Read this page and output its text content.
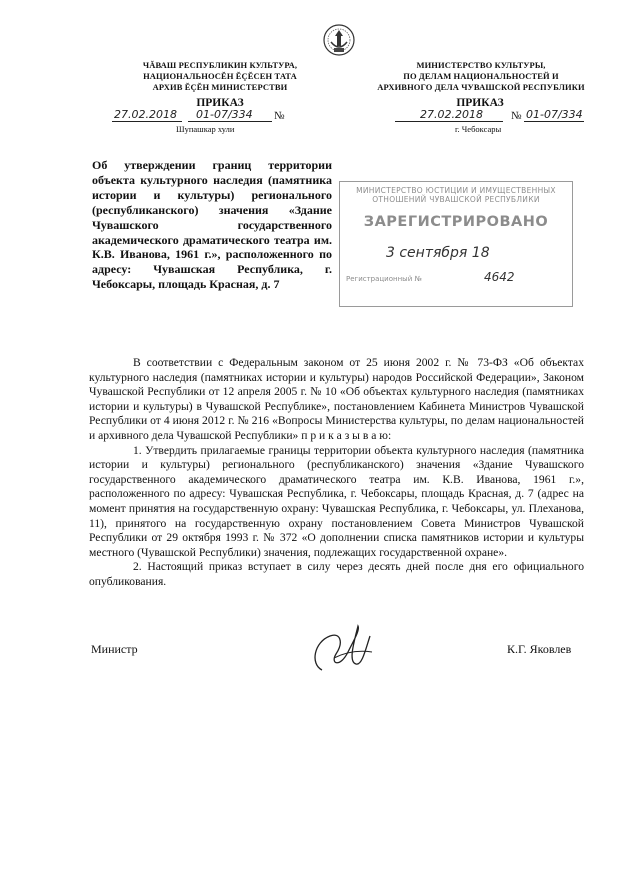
ЧĂВАШ РЕСПУБЛИКИН КУЛЬТУРА,
НАЦИОНАЛЬНОСĔН ĔÇĔСЕН ТАТА
АРХИВ ĔÇĔН МИНИСТЕРСТВИ
МИНИСТЕРСТВО КУЛЬТУРЫ,
ПО ДЕЛАМ НАЦИОНАЛЬНОСТЕЙ И
АРХИВНОГО ДЕЛА ЧУВАШСКОЙ РЕСПУБЛИКИ
ПРИКАЗ	ПРИКАЗ
27.02.2018 01-07/334 №
Шупашкар хули
27.02.2018	№ 01-07/334
г. Чебоксары
Об утверждении границ территории объекта культурного наследия (памятника истории и культуры) регионального (республиканского) значения «Здание Чувашского государственного академического драматического театра им. К.В. Иванова, 1961 г.», расположенного по адресу: Чувашская Республика, г. Чебоксары, площадь Красная, д. 7
МИНИСТЕРСТВО ЮСТИЦИИ И ИМУЩЕСТВЕННЫХ
ОТНОШЕНИЙ ЧУВАШСКОЙ РЕСПУБЛИКИ
ЗАРЕГИСТРИРОВАНО
3 сентября 18
Регистрационный №	4642

В соответствии с Федеральным законом от 25 июня 2002 г. № 73-ФЗ «Об объектах культурного наследия (памятниках истории и культуры) народов Российской Федерации», Законом Чувашской Республики от 12 апреля 2005 г. № 10 «Об объектах культурного наследия (памятниках истории и культуры) в Чувашской Республике», постановлением Кабинета Министров Чувашской Республики от 4 июня 2012 г. № 216 «Вопросы Министерства культуры, по делам национальностей и архивного дела Чувашской Республики» п р и к а з ы в а ю:

1. Утвердить прилагаемые границы территории объекта культурного наследия (памятника истории и культуры) регионального (республиканского) значения «Здание Чувашского государственного академического драматического театра им. К.В. Иванова, 1961 г.», расположенного по адресу: Чувашская Республика, г. Чебоксары, площадь Красная, д. 7 (адрес на момент принятия на государственную охрану: Чувашская Республика, г. Чебоксары, ул. Плеханова, 11), принятого на государственную охрану постановлением Совета Министров Чувашской Республики от 29 октября 1993 г. № 372 «О дополнении списка памятников истории и культуры местного (Чувашской Республики) значения, подлежащих государственной охране».

2. Настоящий приказ вступает в силу через десять дней после дня его официального опубликования.

Министр	К.Г. Яковлев
